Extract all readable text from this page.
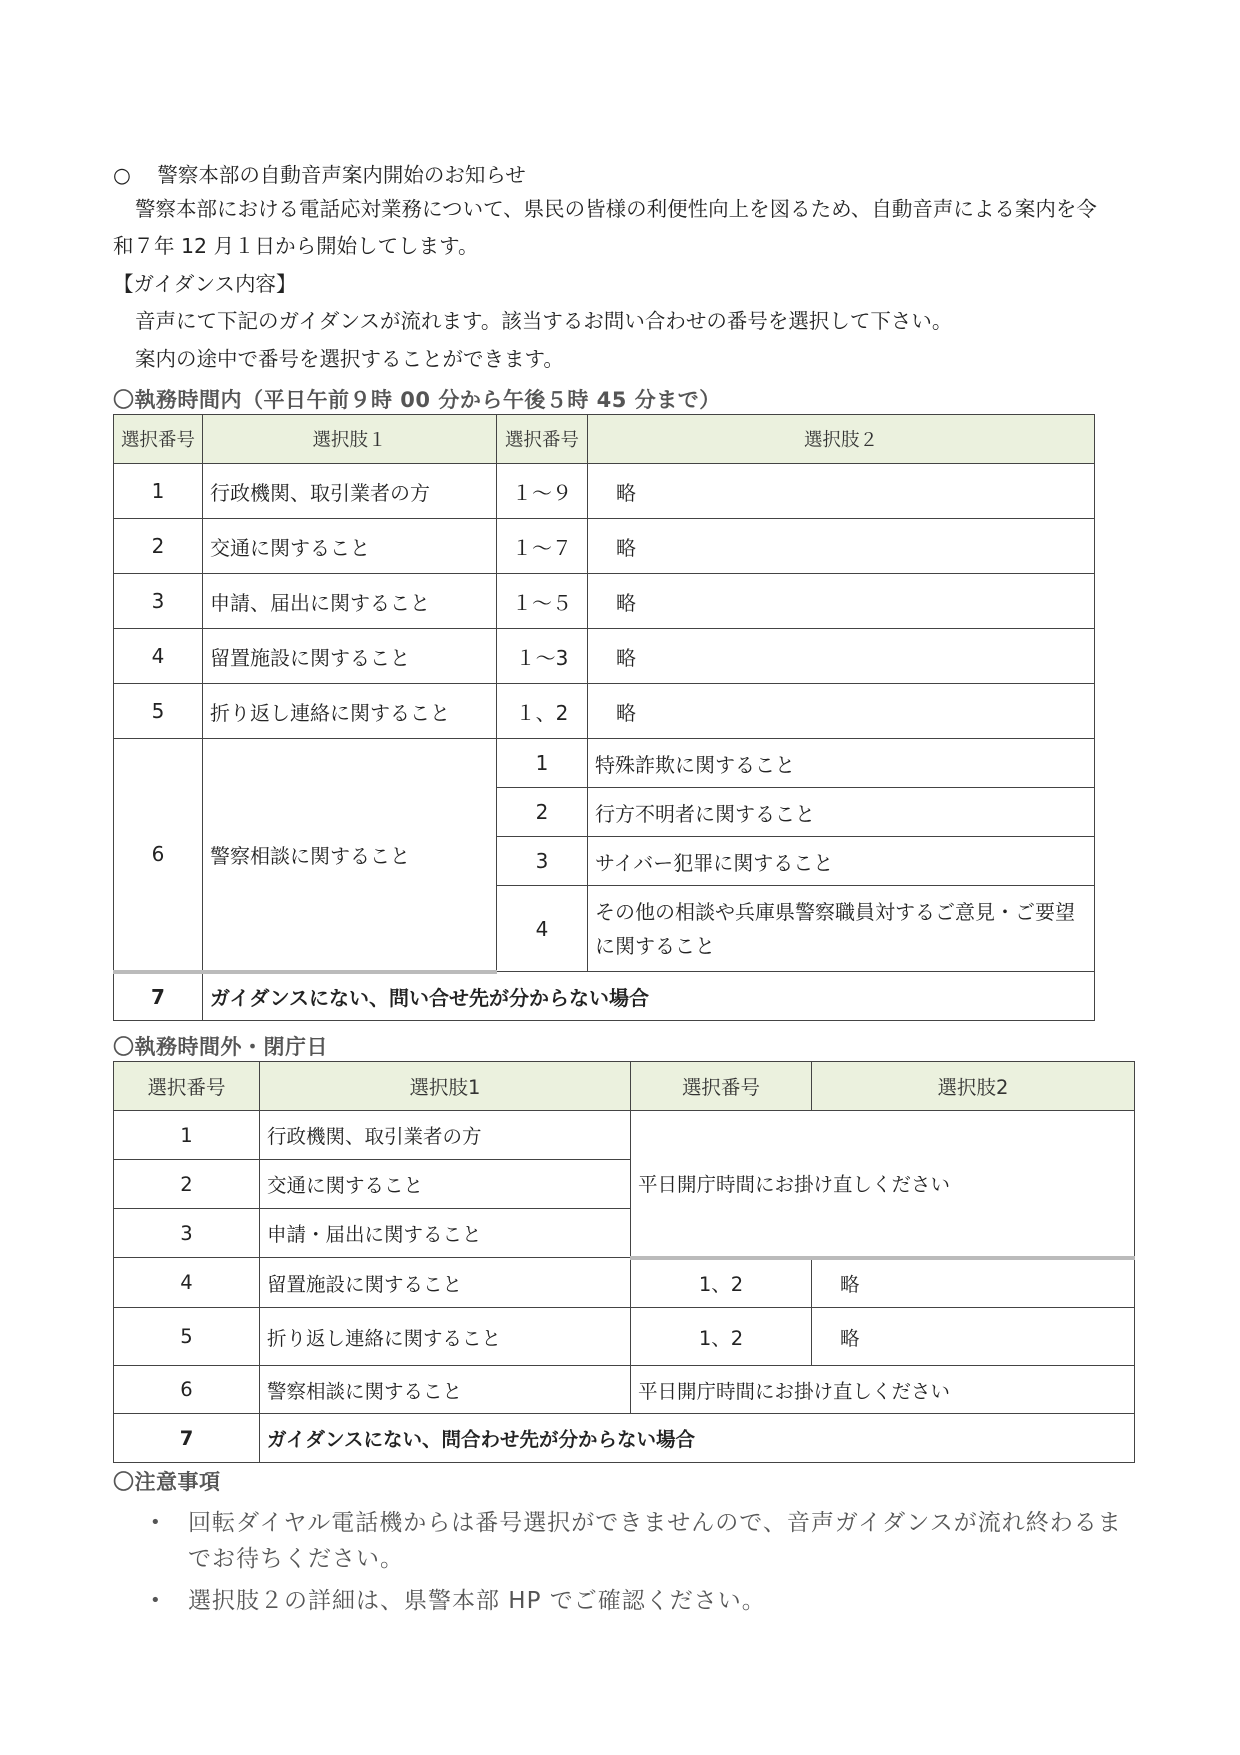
○ 警察本部の自動音声案内開始のお知らせ
警察本部における電話応対業務について、県民の皆様の利便性向上を図るため、自動音声による案内を令
和７年 12 月１日から開始してします。
【ガイダンス内容】
音声にて下記のガイダンスが流れます。該当するお問い合わせの番号を選択して下さい。
案内の途中で番号を選択することができます。
〇執務時間内（平日午前９時 00 分から午後５時 45 分まで）
選択番号	選択肢１	選択番号	選択肢２
1	行政機関、取引業者の方	１～９	略
2	交通に関すること	１～７	略
3	申請、届出に関すること	１～５	略
4	留置施設に関すること	１～3	略
5	折り返し連絡に関すること	１、2	略
6	警察相談に関すること	1	特殊詐欺に関すること
		2	行方不明者に関すること
		3	サイバー犯罪に関すること
		4	その他の相談や兵庫県警察職員対するご意見・ご要望に関すること
7	ガイダンスにない、問い合せ先が分からない場合		
〇執務時間外・閉庁日
選択番号	選択肢1	選択番号	選択肢2
1	行政機関、取引業者の方	平日開庁時間にお掛け直しください	
2	交通に関すること		
3	申請・届出に関すること		
4	留置施設に関すること	1、2	略
5	折り返し連絡に関すること	1、2	略
6	警察相談に関すること	平日開庁時間にお掛け直しください	
7	ガイダンスにない、問合わせ先が分からない場合		
〇注意事項
• 回転ダイヤル電話機からは番号選択ができませんので、音声ガイダンスが流れ終わるまでお待ちください。
• 選択肢２の詳細は、県警本部 HP でご確認ください。
